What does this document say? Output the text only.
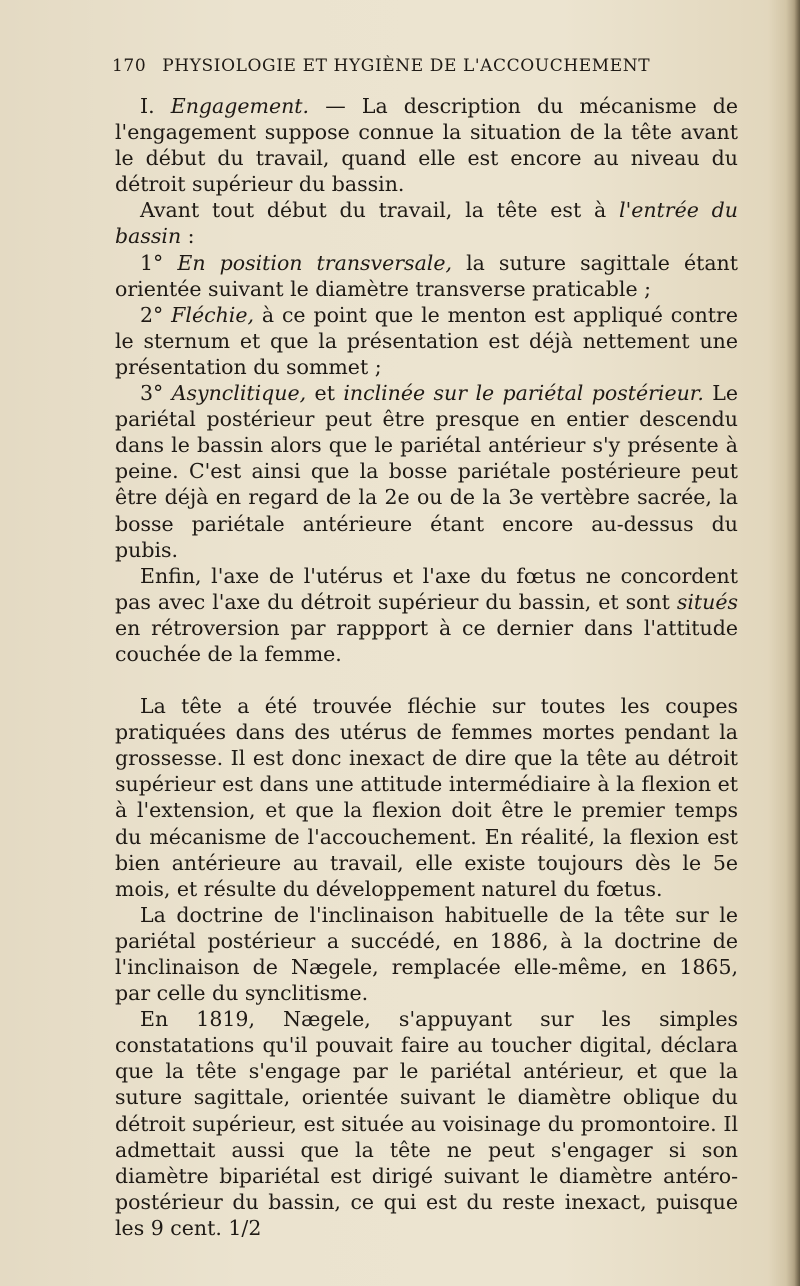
170 PHYSIOLOGIE ET HYGIÈNE DE L'ACCOUCHEMENT

I. Engagement. — La description du mécanisme de l'engagement suppose connue la situation de la tête avant le début du travail, quand elle est encore au niveau du détroit supérieur du bassin.

Avant tout début du travail, la tête est à l'entrée du bassin :

1° En position transversale, la suture sagittale étant orientée suivant le diamètre transverse praticable ;

2° Fléchie, à ce point que le menton est appliqué contre le sternum et que la présentation est déjà nettement une présentation du sommet ;

3° Asynclitique, et inclinée sur le pariétal postérieur. Le pariétal postérieur peut être presque en entier descendu dans le bassin alors que le pariétal antérieur s'y présente à peine. C'est ainsi que la bosse pariétale postérieure peut être déjà en regard de la 2e ou de la 3e vertèbre sacrée, la bosse pariétale antérieure étant encore au-dessus du pubis.

Enfin, l'axe de l'utérus et l'axe du fœtus ne concordent pas avec l'axe du détroit supérieur du bassin, et sont situés en rétroversion par rappport à ce dernier dans l'attitude couchée de la femme.

La tête a été trouvée fléchie sur toutes les coupes pratiquées dans des utérus de femmes mortes pendant la grossesse. Il est donc inexact de dire que la tête au détroit supérieur est dans une attitude intermédiaire à la flexion et à l'extension, et que la flexion doit être le premier temps du mécanisme de l'accouchement. En réalité, la flexion est bien antérieure au travail, elle existe toujours dès le 5e mois, et résulte du développement naturel du fœtus.

La doctrine de l'inclinaison habituelle de la tête sur le pariétal postérieur a succédé, en 1886, à la doctrine de l'inclinaison de Nægele, remplacée elle-même, en 1865, par celle du synclitisme.

En 1819, Nægele, s'appuyant sur les simples constatations qu'il pouvait faire au toucher digital, déclara que la tête s'engage par le pariétal antérieur, et que la suture sagittale, orientée suivant le diamètre oblique du détroit supérieur, est située au voisinage du promontoire. Il admettait aussi que la tête ne peut s'engager si son diamètre bipariétal est dirigé suivant le diamètre antéro-postérieur du bassin, ce qui est du reste inexact, puisque les 9 cent. 1/2
